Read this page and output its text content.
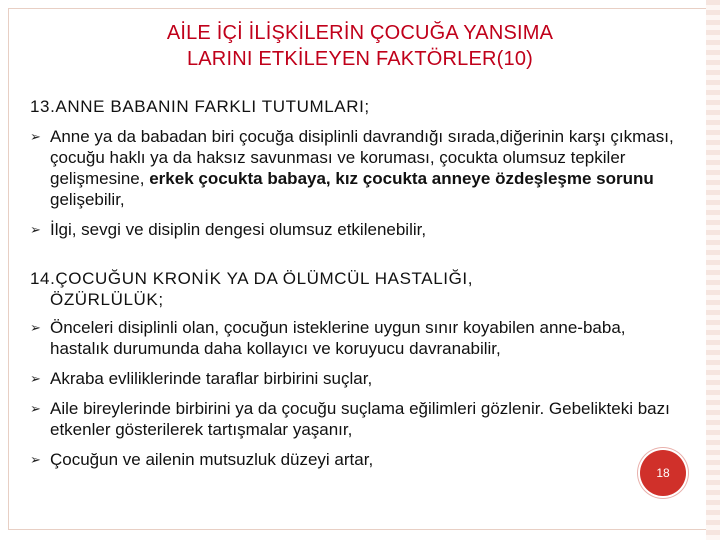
AİLE İÇİ İLİŞKİLERİN ÇOCUĞA YANSIMA
LARINI ETKİLEYEN FAKTÖRLER(10)

13.ANNE BABANIN FARKLI TUTUMLARI;

➢ Anne ya da babadan biri çocuğa disiplinli davrandığı sırada,diğerinin karşı çıkması, çocuğu haklı ya da haksız savunması ve koruması, çocukta olumsuz tepkiler gelişmesine, erkek çocukta babaya, kız çocukta anneye özdeşleşme sorunu gelişebilir,

➢ İlgi, sevgi ve disiplin dengesi olumsuz etkilenebilir,

14.ÇOCUĞUN KRONİK YA DA ÖLÜMCÜL HASTALIĞI,
ÖZÜRLÜLÜK;

➢ Önceleri disiplinli olan, çocuğun isteklerine uygun sınır koyabilen anne-baba, hastalık durumunda daha kollayıcı ve koruyucu davranabilir,

➢ Akraba evliliklerinde taraflar birbirini suçlar,

➢ Aile bireylerinde birbirini ya da çocuğu suçlama eğilimleri gözlenir. Gebelikteki bazı etkenler gösterilerek tartışmalar yaşanır,

➢ Çocuğun ve ailenin mutsuzluk düzeyi artar,

18
